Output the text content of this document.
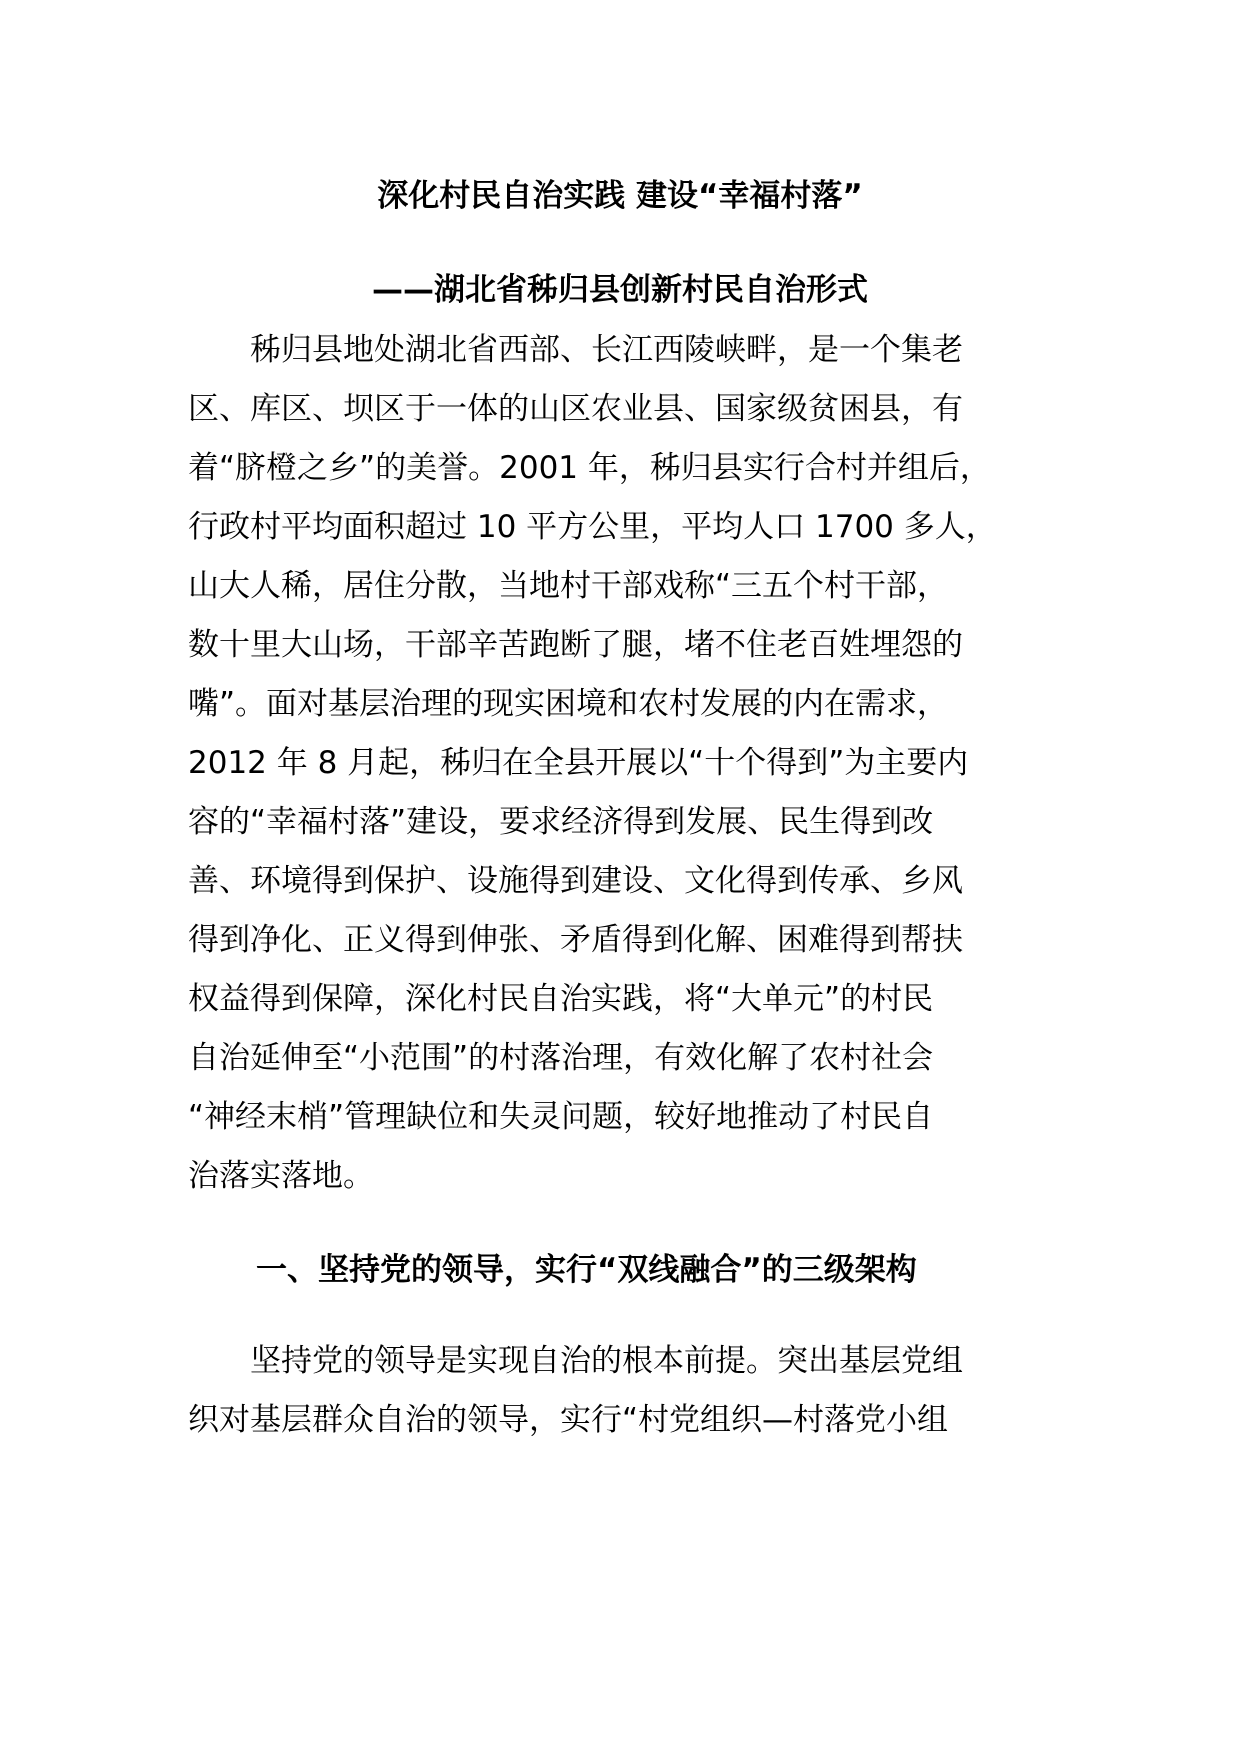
深化村民自治实践 建设“幸福村落”
——湖北省秭归县创新村民自治形式

秭归县地处湖北省西部、长江西陵峡畔，是一个集老

区、库区、坝区于一体的山区农业县、国家级贫困县，有

着“脐橙之乡”的美誉。2001 年，秭归县实行合村并组后，

行政村平均面积超过 10 平方公里，平均人口 1700 多人，

山大人稀，居住分散，当地村干部戏称“三五个村干部，

数十里大山场，干部辛苦跑断了腿，堵不住老百姓埋怨的

嘴”。面对基层治理的现实困境和农村发展的内在需求，

2012 年 8 月起，秭归在全县开展以“十个得到”为主要内

容的“幸福村落”建设，要求经济得到发展、民生得到改

善、环境得到保护、设施得到建设、文化得到传承、乡风

得到净化、正义得到伸张、矛盾得到化解、困难得到帮扶

权益得到保障，深化村民自治实践，将“大单元”的村民

自治延伸至“小范围”的村落治理，有效化解了农村社会

“神经末梢”管理缺位和失灵问题，较好地推动了村民自

治落实落地。

一、坚持党的领导，实行“双线融合”的三级架构

坚持党的领导是实现自治的根本前提。突出基层党组

织对基层群众自治的领导，实行“村党组织—村落党小组
